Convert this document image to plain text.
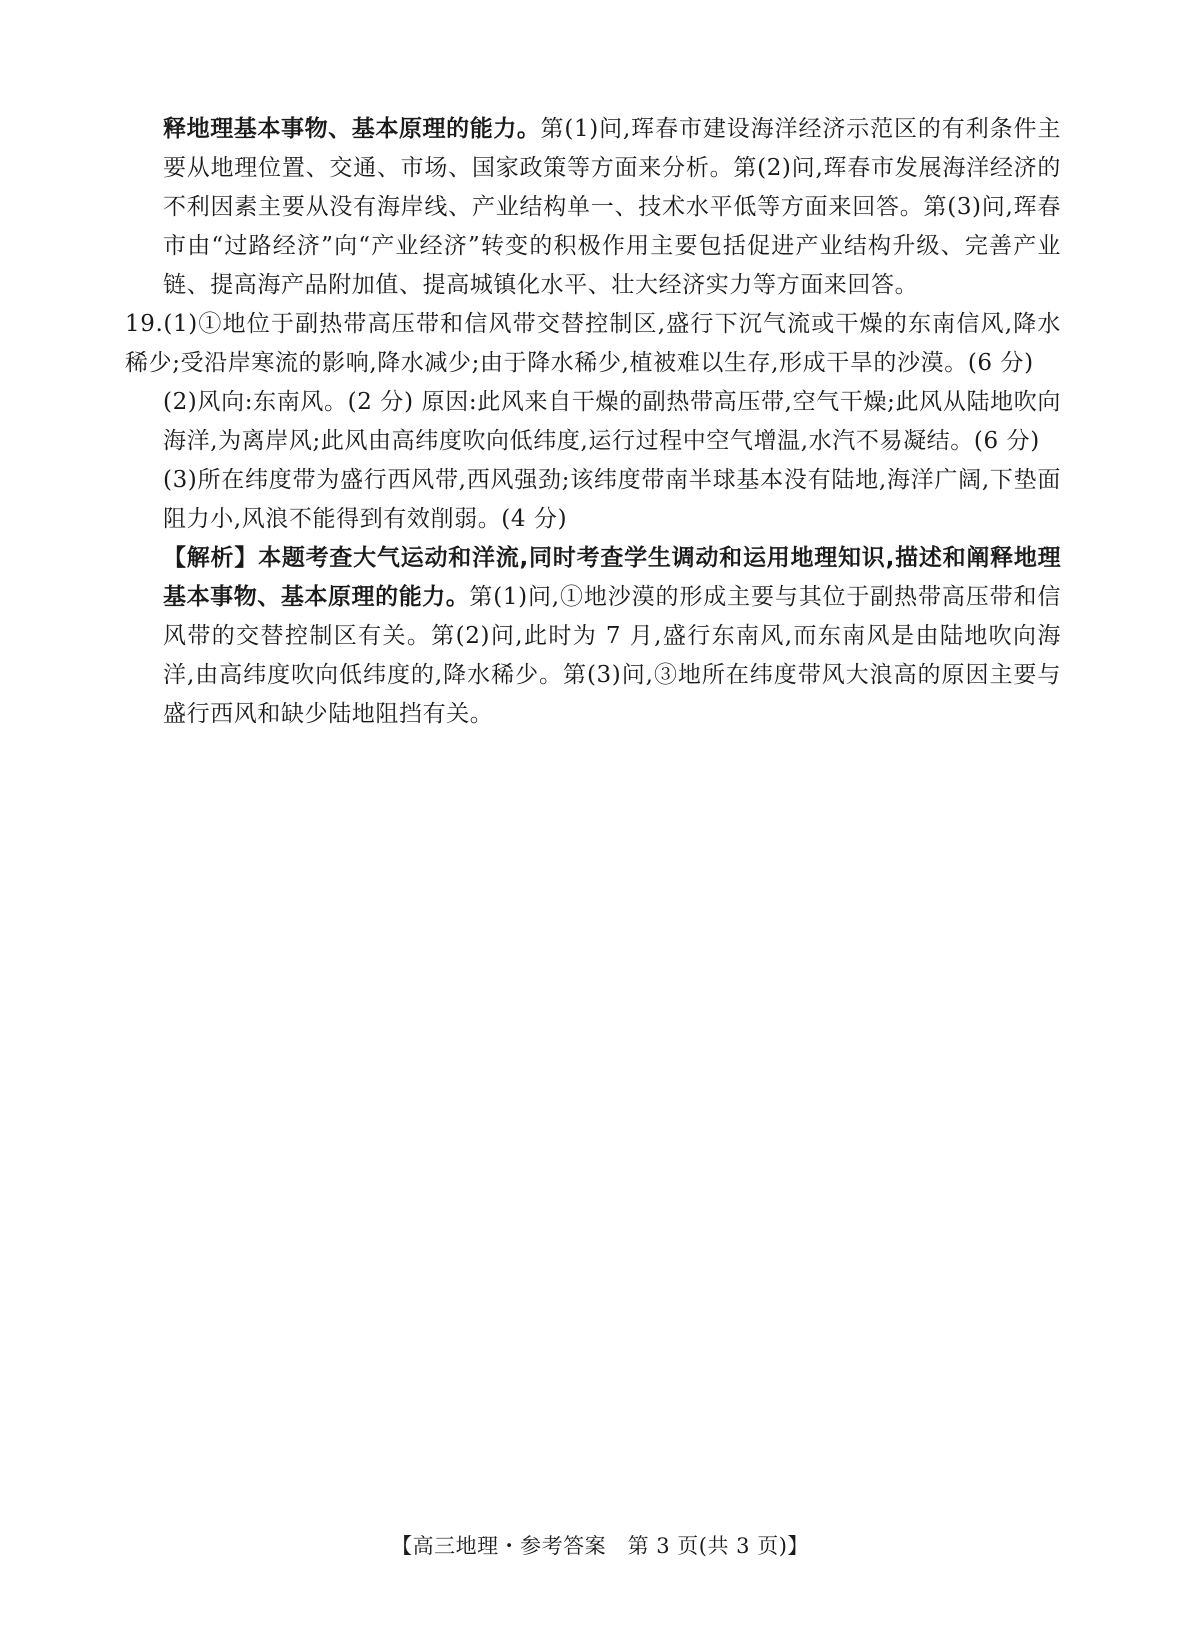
释地理基本事物、基本原理的能力。第(1)问,珲春市建设海洋经济示范区的有利条件主要从地理位置、交通、市场、国家政策等方面来分析。第(2)问,珲春市发展海洋经济的不利因素主要从没有海岸线、产业结构单一、技术水平低等方面来回答。第(3)问,珲春市由“过路经济”向“产业经济”转变的积极作用主要包括促进产业结构升级、完善产业链、提高海产品附加值、提高城镇化水平、壮大经济实力等方面来回答。

19.(1)①地位于副热带高压带和信风带交替控制区,盛行下沉气流或干燥的东南信风,降水稀少;受沿岸寒流的影响,降水减少;由于降水稀少,植被难以生存,形成干旱的沙漠。(6 分)

(2)风向:东南风。(2 分) 原因:此风来自干燥的副热带高压带,空气干燥;此风从陆地吹向海洋,为离岸风;此风由高纬度吹向低纬度,运行过程中空气增温,水汽不易凝结。(6 分)

(3)所在纬度带为盛行西风带,西风强劲;该纬度带南半球基本没有陆地,海洋广阔,下垫面阻力小,风浪不能得到有效削弱。(4 分)

【解析】本题考查大气运动和洋流,同时考查学生调动和运用地理知识,描述和阐释地理基本事物、基本原理的能力。第(1)问,①地沙漠的形成主要与其位于副热带高压带和信风带的交替控制区有关。第(2)问,此时为 7 月,盛行东南风,而东南风是由陆地吹向海洋,由高纬度吹向低纬度的,降水稀少。第(3)问,③地所在纬度带风大浪高的原因主要与盛行西风和缺少陆地阻挡有关。

【高三地理・参考答案　第 3 页(共 3 页)】
